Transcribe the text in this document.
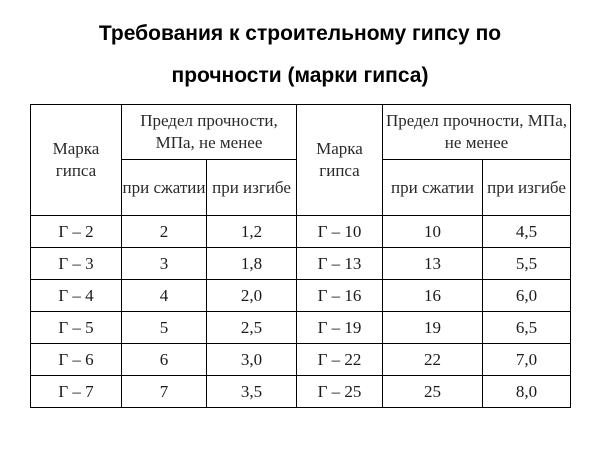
Требования к строительному гипсу по
прочности (марки гипса)
Марка гипса	Предел прочности, МПа, не менее		Марка гипса	Предел прочности, МПа, не менее	
	при сжатии	при изгибе		при сжатии	при изгибе
Г – 2	2	1,2	Г – 10	10	4,5
Г – 3	3	1,8	Г – 13	13	5,5
Г – 4	4	2,0	Г – 16	16	6,0
Г – 5	5	2,5	Г – 19	19	6,5
Г – 6	6	3,0	Г – 22	22	7,0
Г – 7	7	3,5	Г – 25	25	8,0
